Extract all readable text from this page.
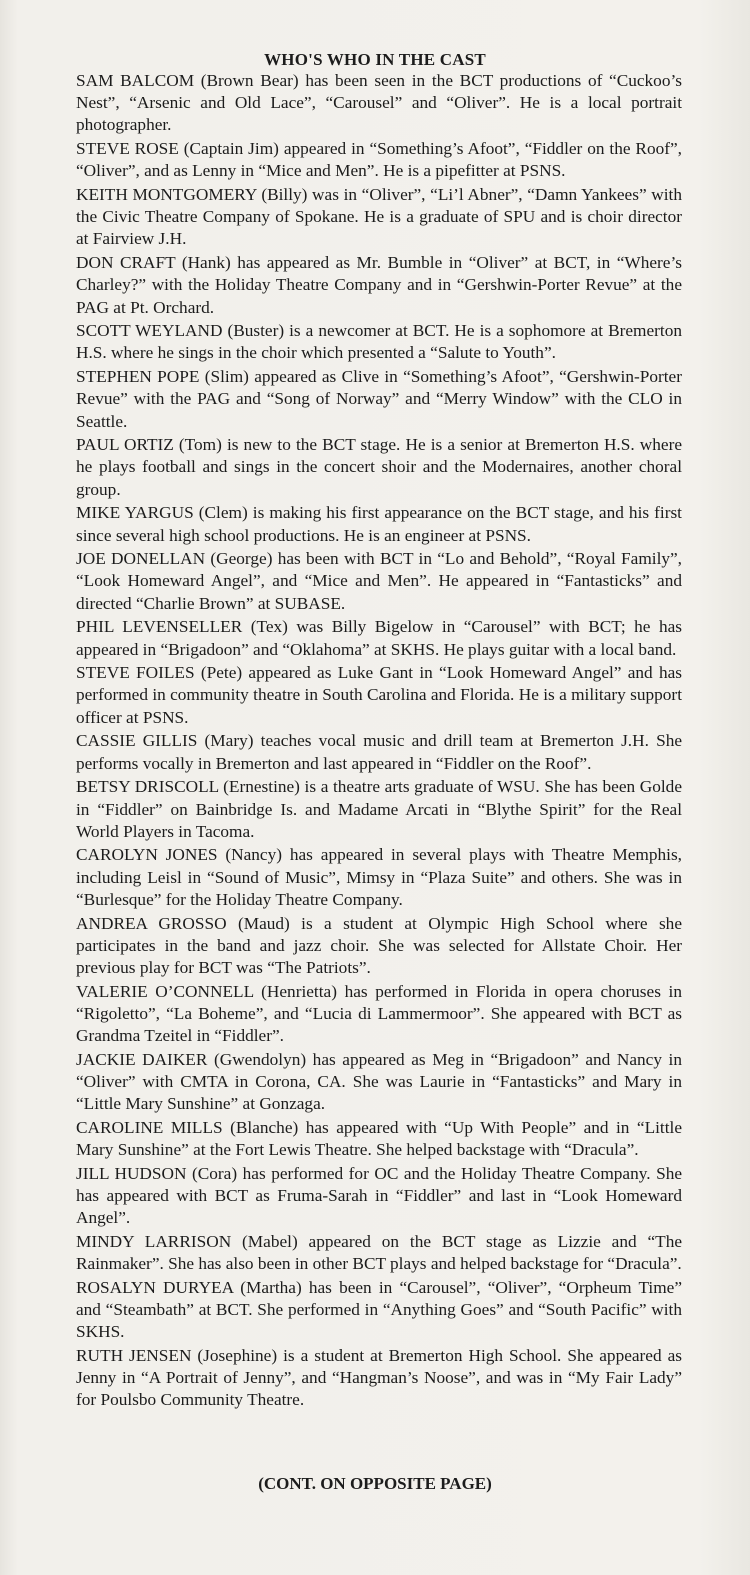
WHO'S WHO IN THE CAST

SAM BALCOM (Brown Bear) has been seen in the BCT productions of “Cuckoo’s Nest”, “Arsenic and Old Lace”, “Carousel” and “Oliver”. He is a local portrait photographer.

STEVE ROSE (Captain Jim) appeared in “Something’s Afoot”, “Fiddler on the Roof”, “Oliver”, and as Lenny in “Mice and Men”. He is a pipefitter at PSNS.

KEITH MONTGOMERY (Billy) was in “Oliver”, “Li’l Abner”, “Damn Yankees” with the Civic Theatre Company of Spokane. He is a graduate of SPU and is choir director at Fairview J.H.

DON CRAFT (Hank) has appeared as Mr. Bumble in “Oliver” at BCT, in “Where’s Charley?” with the Holiday Theatre Company and in “Gershwin-Porter Revue” at the PAG at Pt. Orchard.

SCOTT WEYLAND (Buster) is a newcomer at BCT. He is a sophomore at Bremerton H.S. where he sings in the choir which presented a “Salute to Youth”.

STEPHEN POPE (Slim) appeared as Clive in “Something’s Afoot”, “Gershwin-Porter Revue” with the PAG and “Song of Norway” and “Merry Window” with the CLO in Seattle.

PAUL ORTIZ (Tom) is new to the BCT stage. He is a senior at Bremerton H.S. where he plays football and sings in the concert shoir and the Modernaires, another choral group.

MIKE YARGUS (Clem) is making his first appearance on the BCT stage, and his first since several high school productions. He is an engineer at PSNS.

JOE DONELLAN (George) has been with BCT in “Lo and Behold”, “Royal Family”, “Look Homeward Angel”, and “Mice and Men”. He appeared in “Fantasticks” and directed “Charlie Brown” at SUBASE.

PHIL LEVENSELLER (Tex) was Billy Bigelow in “Carousel” with BCT; he has appeared in “Brigadoon” and “Oklahoma” at SKHS. He plays guitar with a local band.

STEVE FOILES (Pete) appeared as Luke Gant in “Look Homeward Angel” and has performed in community theatre in South Carolina and Florida. He is a military support officer at PSNS.

CASSIE GILLIS (Mary) teaches vocal music and drill team at Bremerton J.H. She performs vocally in Bremerton and last appeared in “Fiddler on the Roof”.

BETSY DRISCOLL (Ernestine) is a theatre arts graduate of WSU. She has been Golde in “Fiddler” on Bainbridge Is. and Madame Arcati in “Blythe Spirit” for the Real World Players in Tacoma.

CAROLYN JONES (Nancy) has appeared in several plays with Theatre Memphis, including Leisl in “Sound of Music”, Mimsy in “Plaza Suite” and others. She was in “Burlesque” for the Holiday Theatre Company.

ANDREA GROSSO (Maud) is a student at Olympic High School where she participates in the band and jazz choir. She was selected for Allstate Choir. Her previous play for BCT was “The Patriots”.

VALERIE O’CONNELL (Henrietta) has performed in Florida in opera choruses in “Rigoletto”, “La Boheme”, and “Lucia di Lammermoor”. She appeared with BCT as Grandma Tzeitel in “Fiddler”.

JACKIE DAIKER (Gwendolyn) has appeared as Meg in “Brigadoon” and Nancy in “Oliver” with CMTA in Corona, CA. She was Laurie in “Fantasticks” and Mary in “Little Mary Sunshine” at Gonzaga.

CAROLINE MILLS (Blanche) has appeared with “Up With People” and in “Little Mary Sunshine” at the Fort Lewis Theatre. She helped backstage with “Dracula”.

JILL HUDSON (Cora) has performed for OC and the Holiday Theatre Company. She has appeared with BCT as Fruma-Sarah in “Fiddler” and last in “Look Homeward Angel”.

MINDY LARRISON (Mabel) appeared on the BCT stage as Lizzie and “The Rainmaker”. She has also been in other BCT plays and helped backstage for “Dracula”.

ROSALYN DURYEA (Martha) has been in “Carousel”, “Oliver”, “Orpheum Time” and “Steambath” at BCT. She performed in “Anything Goes” and “South Pacific” with SKHS.

RUTH JENSEN (Josephine) is a student at Bremerton High School. She appeared as Jenny in “A Portrait of Jenny”, and “Hangman’s Noose”, and was in “My Fair Lady” for Poulsbo Community Theatre.

(CONT. ON OPPOSITE PAGE)
